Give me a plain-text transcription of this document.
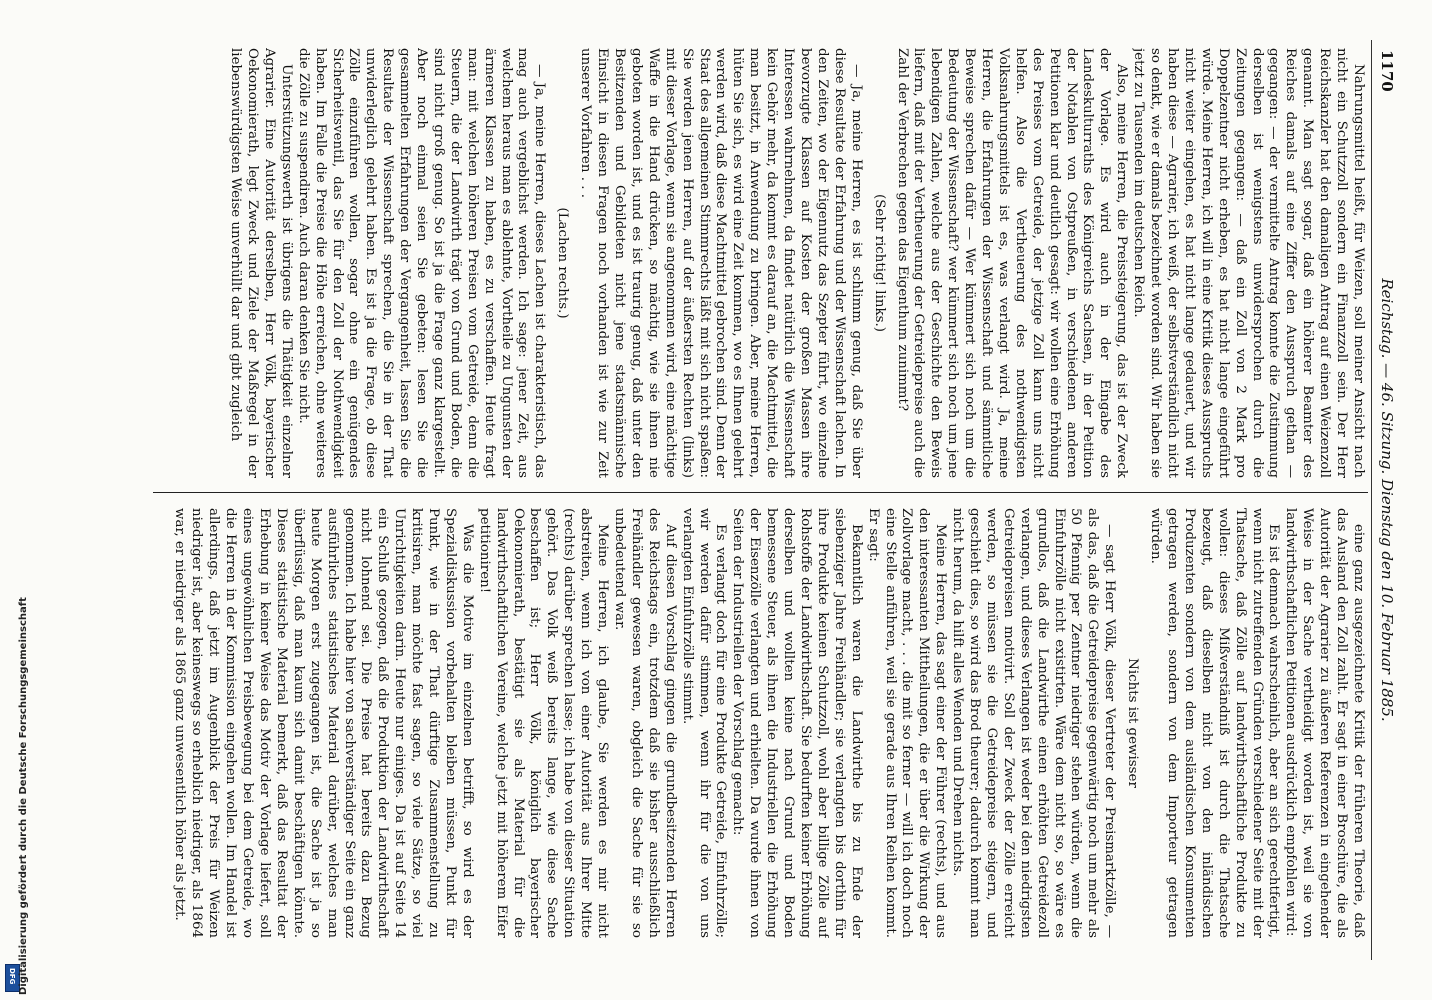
DFG Digitalisierung gefördert durch die Deutsche Forschungsgemeinschaft
1170
Reichstag. — 46. Sitzung. Dienstag den 10. Februar 1885.

Nahrungsmittel heißt, für Weizen, soll meiner Ansicht nach nicht ein Schutzzoll sondern ein Finanzzoll sein. Der Herr Reichskanzler hat den damaligen Antrag auf einen Weizenzoll genannt. Man sagt sogar, daß ein höherer Beamter des Reiches damals auf eine Ziffer den Ausspruch gethan — gegangen: — der vermittelte Antrag konnte die Zustimmung derselben ist wenigstens unwidersprochen durch die Zeitungen gegangen: — daß ein Zoll von 2 Mark pro Doppelzentner nicht erheben, es hat nicht lange eingeführt würde. Meine Herren, ich will in eine Kritik dieses Ausspruchs nicht weiter eingehen, es hat nicht lange gedauert, und wir haben diese — Agrarier, ich weiß, der selbstverständlich nicht so denkt, wie er damals bezeichnet worden sind. Wir haben sie jetzt zu Tausenden im deutschen Reich.

Also, meine Herren, die Preissteigerung, das ist der Zweck der Vorlage. Es wird auch in der Eingabe des Landeskulturraths des Königreichs Sachsen, in der Petition der Notablen von Ostpreußen, in verschiedenen anderen Petitionen klar und deutlich gesagt: wir wollen eine Erhöhung des Preises vom Getreide, der jetzige Zoll kann uns nicht helfen. Also die Vertheuerung des nothwendigsten Volksnahrungsmittels ist es, was verlangt wird. Ja, meine Herren, die Erfahrungen der Wissenschaft und sämmtliche Beweise sprechen dafür — Wer kümmert sich noch um die Bedeutung der Wissenschaft? wer kümmert sich noch um jene lebendigen Zahlen, welche aus der Geschichte den Beweis liefern, daß mit der Vertheuerung der Getreidepreise auch die Zahl der Verbrechen gegen das Eigenthum zunimmt?

(Sehr richtig! links.)

— Ja, meine Herren, es ist schlimm genug, daß Sie über diese Resultate der Erfahrung und der Wissenschaft lachen. In den Zeiten, wo der Eigennutz das Szepter führt, wo einzelne bevorzugte Klassen auf Kosten der großen Massen ihre Interessen wahrnehmen, da findet natürlich die Wissenschaft kein Gehör mehr, da kommt es darauf an, die Machtmittel, die man besitzt, in Anwendung zu bringen. Aber, meine Herren, hüten Sie sich, es wird eine Zeit kommen, wo es Ihnen gelehrt werden wird, daß diese Machtmittel gebrochen sind. Denn der Staat des allgemeinen Stimmrechts läßt mit sich nicht spaßen: Sie werden jenen Herren, auf der äußersten Rechten (links) mit dieser Vorlage, wenn sie angenommen wird, eine mächtige Waffe in die Hand drücken, so mächtig, wie sie ihnen nie geboten worden ist, und es ist traurig genug, daß unter den Besitzenden und Gebildeten nicht jene staatsmännische Einsicht in diesen Fragen noch vorhanden ist wie zur Zeit unserer Vorfahren . . .

(Lachen rechts.)

— Ja, meine Herren, dieses Lachen ist charakteristisch, das mag auch vergeblichst werden. Ich sage: jener Zeit, aus welchem heraus man es ablehnte, Vortheile zu Ungunsten der ärmeren Klassen zu haben, es zu verschaffen. Heute fragt man: mit welchen höheren Preisen vom Getreide, denn die Steuern, die der Landwirth trägt von Grund und Boden, die sind nicht groß genug. So ist ja die Frage ganz klargestellt. Aber noch einmal seien Sie gebeten: lesen Sie die gesammelten Erfahrungen der Vergangenheit, lassen Sie die Resultate der Wissenschaft sprechen, die Sie in der That unwiderleglich gelehrt haben. Es ist ja die Frage, ob diese Zölle einzuführen wollen, sogar ohne ein genügendes Sicherheitsventil, das Sie für den Zoll der Nothwendigkeit haben. Im Falle die Preise die Höhe erreichen, ohne weiteres die Zölle zu suspendiren. Auch daran denken Sie nicht.

Unterstützungswerth ist übrigens die Thätigkeit einzelner Agrarier. Eine Autorität derselben, Herr Völk, bayerischer Oekonomierath, legt Zweck und Ziele der Maßregel in der liebenswürdigsten Weise unverhüllt dar und gibt zugleich

eine ganz ausgezeichnete Kritik der früheren Theorie, daß das Ausland den Zoll zahlt. Er sagt in einer Broschüre, die als Autorität der Agrarier zu äußeren Referenzen in eingehender Weise in der Sache vertheidigt worden ist, weil sie von landwirthschaftlichen Petitionen ausdrücklich empfohlen wird:

Es ist demnach wahrscheinlich, aber an sich gerechtfertigt, wenn nicht zutreffenden Gründen verschiedener Seite mit der Thatsache, daß Zölle auf landwirthschaftliche Produkte zu wollen: dieses Mißverständniß ist durch die Thatsache bezeugt, daß dieselben nicht von den inländischen Produzenten sondern von dem ausländischen Konsumenten getragen werden, sondern von dem Importeur getragen würden.

Nichts ist gewisser

— sagt Herr Völk, dieser Vertreter der Preismarktzölle, — als das, daß die Getreidepreise gegenwärtig noch um mehr als 50 Pfennig per Zentner niedriger stehen würden, wenn die Einfuhrzölle nicht existirten. Wäre dem nicht so, so wäre es grundlos, daß die Landwirthe einen erhöhten Getreidezoll verlangen, und dieses Verlangen ist weder bei den niedrigsten Getreidepreisen motivirt. Soll der Zweck der Zölle erreicht werden, so müssen sie die Getreidepreise steigern, und geschieht dies, so wird das Brod theurer; dadurch kommt man nicht herum, da hilft alles Wenden und Drehen nichts.

Meine Herren, das sagt einer der Führer (rechts), und aus den interessanten Mittheilungen, die er über die Wirkung der Zollvorlage macht, . . . die mit so ferner — will ich doch noch eine Stelle anführen, weil sie gerade aus Ihren Reihen kommt. Er sagt:

Bekanntlich waren die Landwirthe bis zu Ende der siebenziger Jahre Freihändler; sie verlangten bis dorthin für ihre Produkte keinen Schutzzoll, wohl aber billige Zölle auf Rohstoffe der Landwirthschaft. Sie bedurften keiner Erhöhung derselben und wollten keine nach Grund und Boden bemessene Steuer, als ihnen die Industriellen die Erhöhung der Eisenzölle verlangten und erhielten. Da wurde ihnen von Seiten der Industriellen der Vorschlag gemacht:

Es verlangt doch für eine Produkte Getreide, Einfuhrzölle; wir werden dafür stimmen, wenn ihr für die von uns verlangten Einfuhrzölle stimmt.

Auf diesen Vorschlag gingen die grundbesitzenden Herren des Reichstags ein, trotzdem daß sie bisher ausschließlich Freihändler gewesen waren, obgleich die Sache für sie so unbedeutend war.

Meine Herren, ich glaube, Sie werden es mir nicht abstreiten, wenn ich von einer Autorität aus Ihrer Mitte (rechts) darüber sprechen lasse; ich habe von dieser Situation gehört. Das Volk weiß bereits lange, wie diese Sache beschaffen ist; Herr Völk, königlich bayerischer Oekonomierath, bestätigt sie als Material für die landwirthschaftlichen Vereine, welche jetzt mit höherem Eifer petitioniren!

Was die Motive im einzelnen betrifft, so wird es der Spezialdiskussion vorbehalten bleiben müssen, Punkt für Punkt, wie in der That dürftige Zusammenstellung zu kritisiren, man möchte fast sagen, so viele Sätze, so viel Unrichtigkeiten darin. Heute nur einiges. Da ist auf Seite 14 ein Schluß gezogen, daß die Produktion der Landwirthschaft nicht lohnend sei. Die Preise hat bereits dazu Bezug genommen. Ich habe hier von sachverständiger Seite ein ganz ausführliches statistisches Material darüber, welches man heute Morgen erst zugegangen ist, die Sache ist ja so überflüssig, daß man kaum sich damit beschäftigen könnte. Dieses statistische Material bemerkt, daß das Resultat der Erhebung in keiner Weise das Motiv der Vorlage liefert, soll eines ungewöhnlichen Preisbewegung bei dem Getreide, wo die Herren in der Kommission eingehen wollen. Im Handel ist allerdings, daß jetzt im Augenblick der Preis für Weizen niedriger ist, aber keineswegs so erheblich niedriger, als 1864 war, er niedriger als 1865 ganz unwesentlich höher als jetzt.
